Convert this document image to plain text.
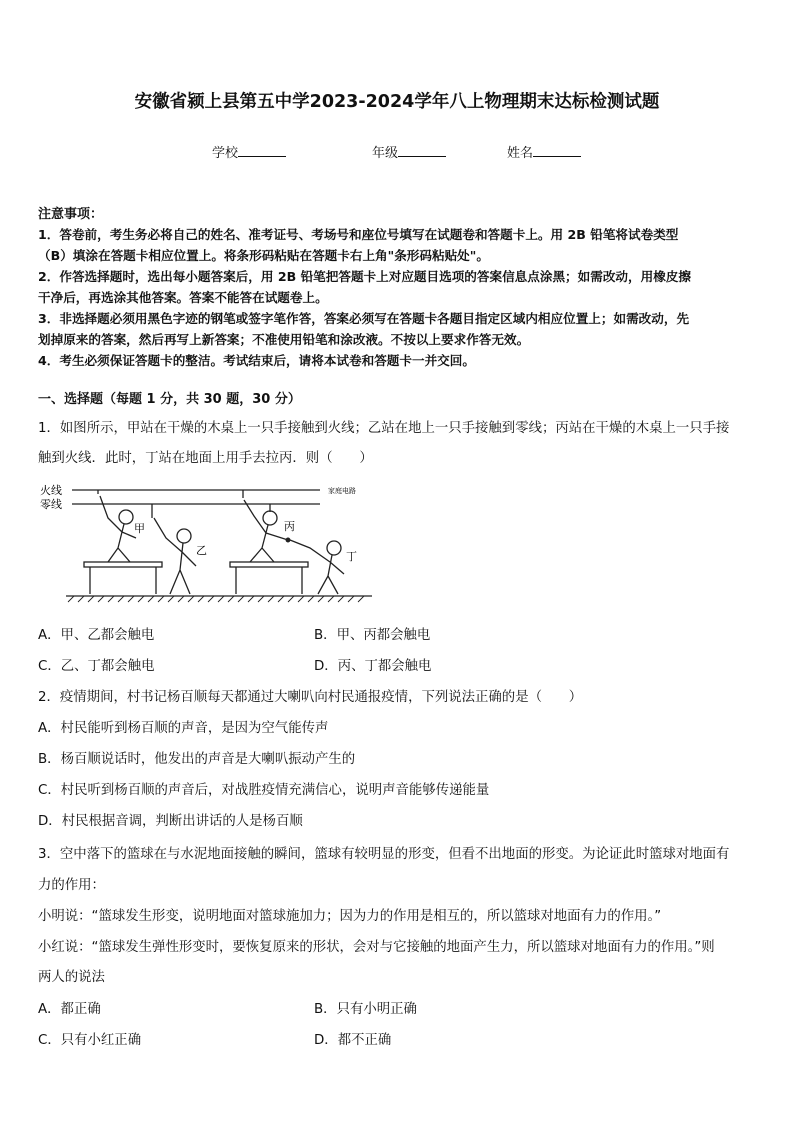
安徽省颍上县第五中学2023-2024学年八上物理期末达标检测试题
学校	年级	姓名
注意事项：
1．答卷前，考生务必将自己的姓名、准考证号、考场号和座位号填写在试题卷和答题卡上。用 2B 铅笔将试卷类型
（B）填涂在答题卡相应位置上。将条形码粘贴在答题卡右上角"条形码粘贴处"。
2．作答选择题时，选出每小题答案后，用 2B 铅笔把答题卡上对应题目选项的答案信息点涂黑；如需改动，用橡皮擦
干净后，再选涂其他答案。答案不能答在试题卷上。
3．非选择题必须用黑色字迹的钢笔或签字笔作答，答案必须写在答题卡各题目指定区域内相应位置上；如需改动，先
划掉原来的答案，然后再写上新答案；不准使用铅笔和涂改液。不按以上要求作答无效。
4．考生必须保证答题卡的整洁。考试结束后，请将本试卷和答题卡一并交回。
一、选择题（每题 1 分，共 30 题，30 分）
1．如图所示，甲站在干燥的木桌上一只手接触到火线；乙站在地上一只手接触到零线；丙站在干燥的木桌上一只手接
触到火线．此时，丁站在地面上用手去拉丙．则（　　）
火线
零线
家庭电路
甲
乙
丙
丁
A．甲、乙都会触电	B．甲、丙都会触电
C．乙、丁都会触电	D．丙、丁都会触电
2．疫情期间，村书记杨百顺每天都通过大喇叭向村民通报疫情，下列说法正确的是（　　）
A．村民能听到杨百顺的声音，是因为空气能传声
B．杨百顺说话时，他发出的声音是大喇叭振动产生的
C．村民听到杨百顺的声音后，对战胜疫情充满信心，说明声音能够传递能量
D．村民根据音调，判断出讲话的人是杨百顺
3．空中落下的篮球在与水泥地面接触的瞬间，篮球有较明显的形变，但看不出地面的形变。为论证此时篮球对地面有
力的作用：
小明说：“篮球发生形变，说明地面对篮球施加力；因为力的作用是相互的，所以篮球对地面有力的作用。”
小红说：“篮球发生弹性形变时，要恢复原来的形状，会对与它接触的地面产生力，所以篮球对地面有力的作用。”则
两人的说法
A．都正确	B．只有小明正确
C．只有小红正确	D．都不正确
